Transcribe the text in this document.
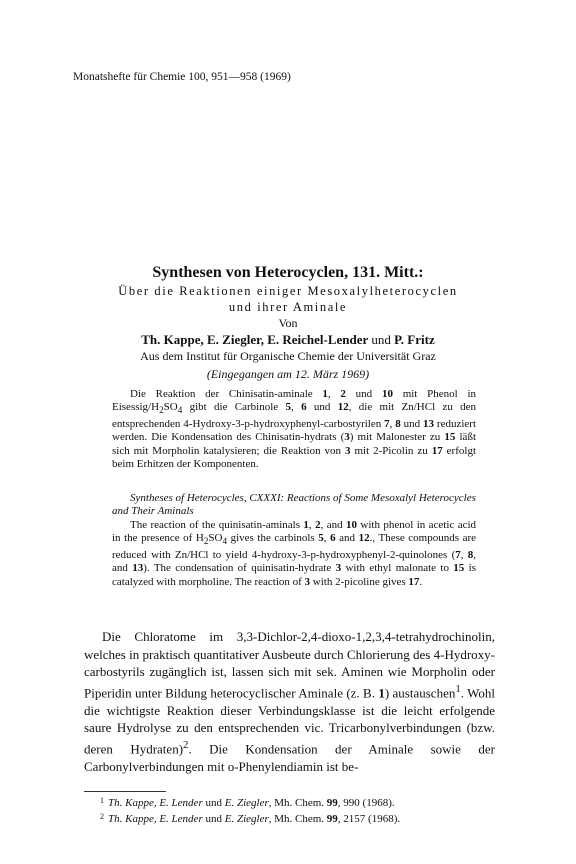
Monatshefte für Chemie 100, 951—958 (1969)
Synthesen von Heterocyclen, 131. Mitt.:
Über die Reaktionen einiger Mesoxalylheterocyclen
und ihrer Aminale
Von
Th. Kappe, E. Ziegler, E. Reichel-Lender und P. Fritz
Aus dem Institut für Organische Chemie der Universität Graz
(Eingegangen am 12. März 1969)
Die Reaktion der Chinisatin-aminale 1, 2 und 10 mit Phenol in Eisessig/$H_2SO_4$ gibt die Carbinole 5, 6 und 12, die mit Zn/HCl zu den entsprechenden 4-Hydroxy-3-p-hydroxyphenyl-carbostyrilen 7, 8 und 13 reduziert werden. Die Kondensation des Chinisatin-hydrats (3) mit Malonester zu 15 läßt sich mit Morpholin katalysieren; die Reaktion von 3 mit 2-Picolin zu 17 erfolgt beim Erhitzen der Komponenten.
Syntheses of Heterocycles, CXXXI: Reactions of Some Mesoxalyl Heterocycles and Their Aminals
The reaction of the quinisatin-aminals 1, 2, and 10 with phenol in acetic acid in the presence of $H_2SO_4$ gives the carbinols 5, 6 and 12., These compounds are reduced with Zn/HCl to yield 4-hydroxy-3-p-hydroxyphenyl-2-quinolones (7, 8, and 13). The condensation of quinisatin-hydrate 3 with ethyl malonate to 15 is catalyzed with morpholine. The reaction of 3 with 2-picoline gives 17.
Die Chloratome im 3,3-Dichlor-2,4-dioxo-1,2,3,4-tetrahydrochinolin, welches in praktisch quantitativer Ausbeute durch Chlorierung des 4-Hydroxy-carbostyrils zugänglich ist, lassen sich mit sek. Aminen wie Morpholin oder Piperidin unter Bildung heterocyclischer Aminale (z. B. 1) austauschen$^1$. Wohl die wichtigste Reaktion dieser Verbindungsklasse ist die leicht erfolgende saure Hydrolyse zu den entsprechenden vic. Tricarbonylverbindungen (bzw. deren Hydraten)$^2$. Die Kondensation der Aminale sowie der Carbonylverbindungen mit o-Phenylendiamin ist be-
$^1$ Th. Kappe, E. Lender und E. Ziegler, Mh. Chem. 99, 990 (1968).
$^2$ Th. Kappe, E. Lender und E. Ziegler, Mh. Chem. 99, 2157 (1968).
